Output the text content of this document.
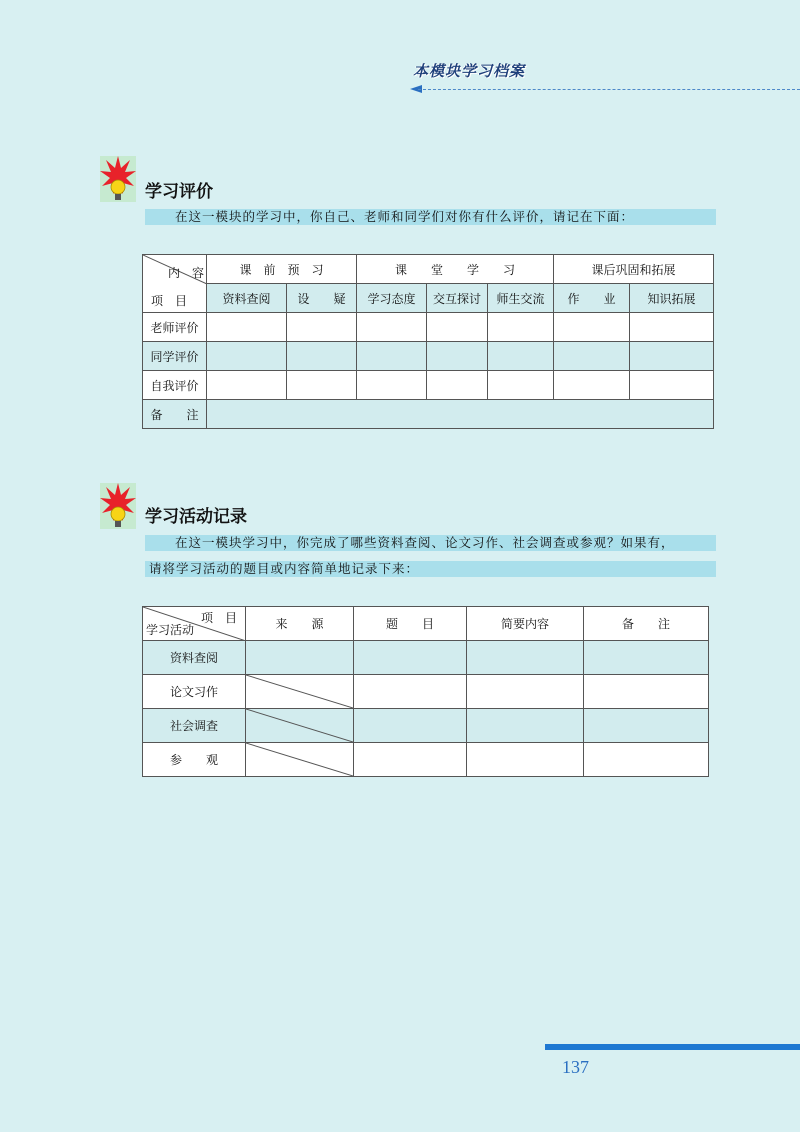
本模块学习档案
学习评价
在这一模块的学习中，你自己、老师和同学们对你有什么评价，请记在下面：
内　容
项　目	课　前　预　习		课　　堂　　学　　习			课后巩固和拓展	
	资料查阅	设　　疑	学习态度	交互探讨	师生交流	作　　业	知识拓展
老师评价							
同学评价							
自我评价							
备　　注							
学习活动记录
在这一模块学习中，你完成了哪些资料查阅、论文习作、社会调查或参观？如果有，
请将学习活动的题目或内容简单地记录下来：
项　目
学习活动	来　　源	题　　目	简要内容	备　　注
资料查阅				
论文习作	

社会调查	

参　　观	

137
